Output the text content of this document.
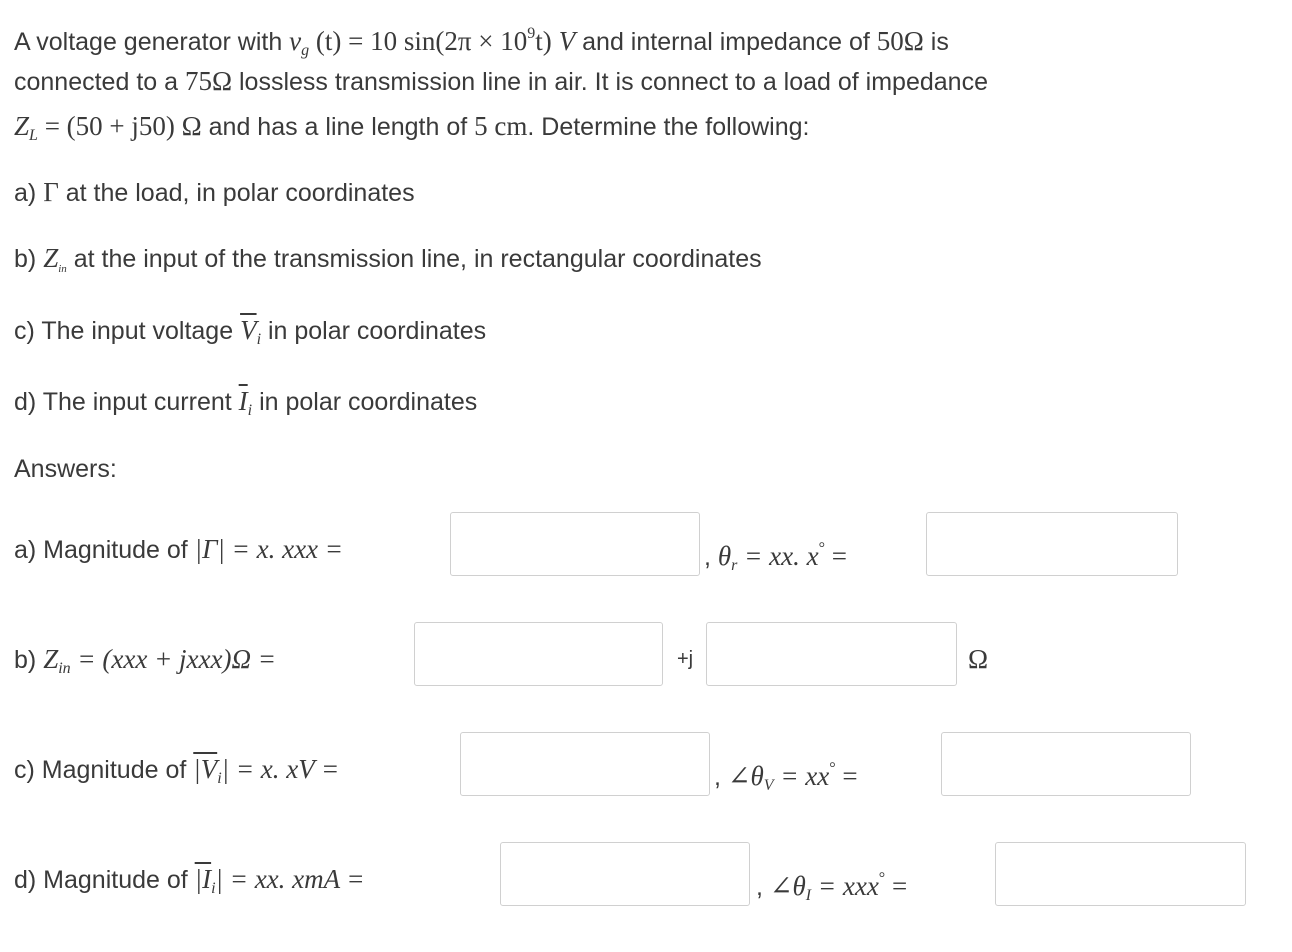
A voltage generator with $v_g$ (t) = 10 $\sin(2\pi \times 10^9t)$ V and internal impedance of 50Ω is
connected to a 75Ω lossless transmission line in air. It is connect to a load of impedance
$Z_L = (50 + j50)$ Ω and has a line length of 5 cm. Determine the following:
a) Γ at the load, in polar coordinates
b) $Z_{in}$ at the input of the transmission line, in rectangular coordinates
c) The input voltage $\overline{V}_i$ in polar coordinates
d) The input current $\overline{I}_i$ in polar coordinates
Answers:
a) Magnitude of |Γ| = x. xxx =	, $\theta_r$ = xx. x° =
b) $Z_{in} = (xxx$ + jxxx)Ω =	+j	Ω
c) Magnitude of $|V_i| = x$. xV =	, $\angle\theta_V = xx^\circ$ =
d) Magnitude of $|I_i|$ = xx. xmA =	, $\angle\theta_I = xxx^\circ$ =
